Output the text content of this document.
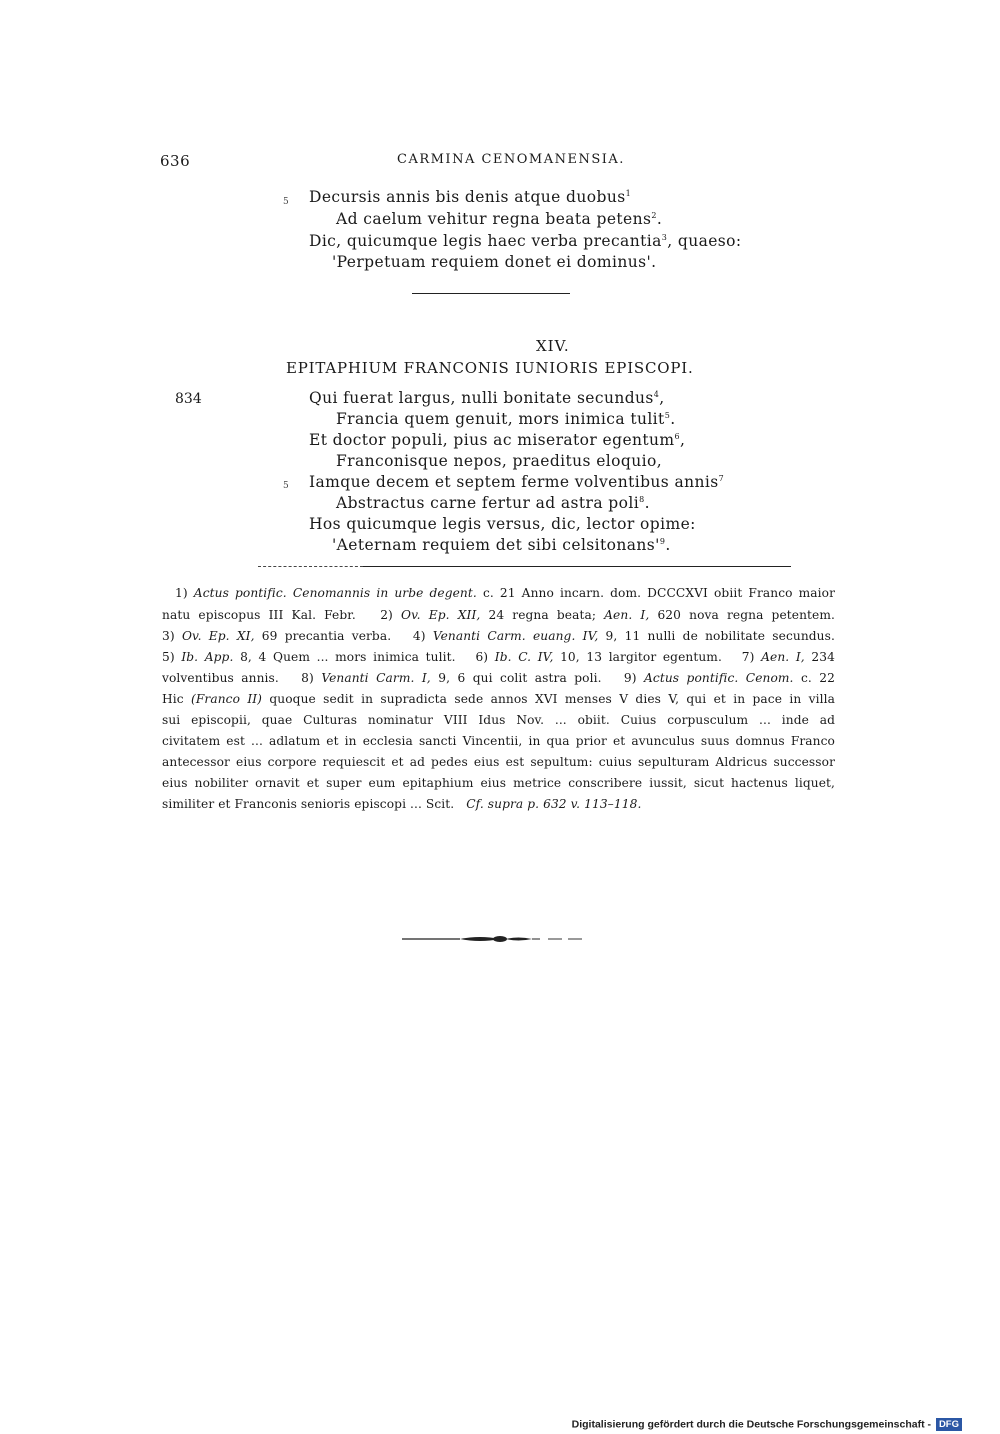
636	CARMINA CENOMANENSIA.
5 Decursis annis bis denis atque duobus$^1$
Ad caelum vehitur regna beata petens$^2$.
Dic, quicumque legis haec verba precantia$^3$, quaeso:
'Perpetuam requiem donet ei dominus'.
XIV.
EPITAPHIUM FRANCONIS IUNIORIS EPISCOPI.
834	Qui fuerat largus, nulli bonitate secundus$^4$,
Francia quem genuit, mors inimica tulit$^5$.
Et doctor populi, pius ac miserator egentum$^6$,
Franconisque nepos, praeditus eloquio,
5 Iamque decem et septem ferme volventibus annis$^7$
Abstractus carne fertur ad astra poli$^8$.
Hos quicumque legis versus, dic, lector opime:
'Aeternam requiem det sibi $celsitonans'^9$.
1) Actus pontific. Cenomannis in urbe degent. c. 21 Anno incarn. dom. DCCCXVI obiit Franco maior
natu episcopus III Kal. Febr. 2) Ov. Ep. XII, 24 regna beata; Aen. I, 620 nova regna petentem.
3) Ov. Ep. XI, 69 precantia verba. 4) Venanti Carm. euang. IV, 9, 11 nulli de nobilitate secundus.
5) Ib. App. 8, 4 Quem ... mors inimica tulit. 6) Ib. C. IV, 10, 13 largitor egentum. 7) Aen. I, 234
volventibus annis. 8) Venanti Carm. I, 9, 6 qui colit astra poli. 9) Actus pontific. Cenom. c. 22
Hic (Franco II) quoque sedit in supradicta sede annos XVI menses V dies V, qui et in pace in villa
sui episcopii, quae Culturas nominatur VIII Idus Nov. ... obiit. Cuius corpusculum ... inde ad
civitatem est ... adlatum et in ecclesia sancti Vincentii, in qua prior et avunculus suus domnus Franco
antecessor eius corpore requiescit et ad pedes eius est sepultum: cuius sepulturam Aldricus successor
eius nobiliter ornavit et super eum epitaphium eius metrice conscribere iussit, sicut hactenus liquet,
similiter et Franconis senioris episcopi ... Scit. Cf. supra p. 632 v. 113–118.
Digitalisierung gefördert durch die Deutsche Forschungsgemeinschaft - DFG
